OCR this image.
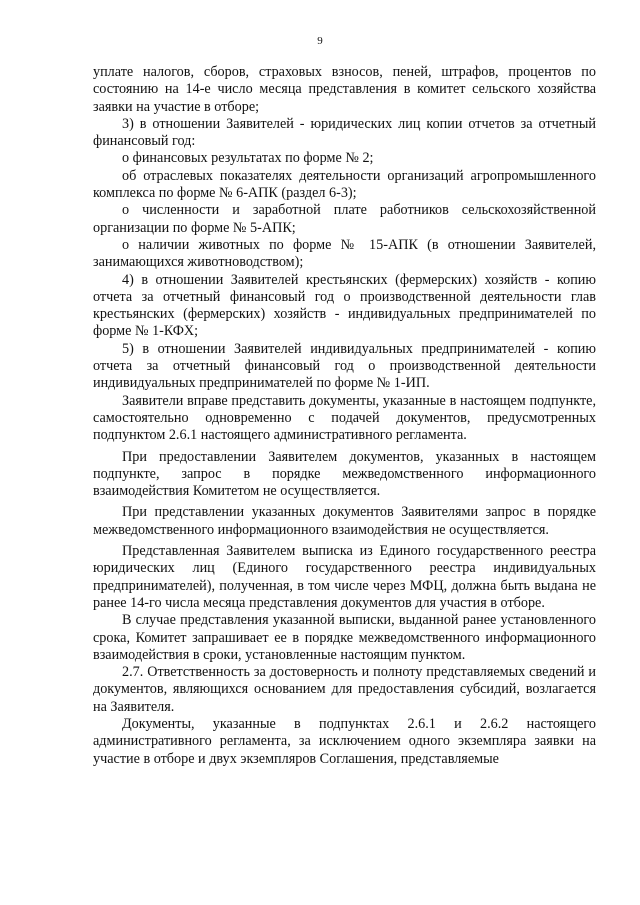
9

уплате налогов, сборов, страховых взносов, пеней, штрафов, процентов по состоянию на 14-е число месяца представления в комитет сельского хозяйства заявки на участие в отборе;

3) в отношении Заявителей - юридических лиц копии отчетов за отчетный финансовый год:

о финансовых результатах по форме № 2;

об отраслевых показателях деятельности организаций агропромышленного комплекса по форме № 6-АПК (раздел 6-3);

о численности и заработной плате работников сельскохозяйственной организации по форме № 5-АПК;

о наличии животных по форме № 15-АПК (в отношении Заявителей, занимающихся животноводством);

4) в отношении Заявителей крестьянских (фермерских) хозяйств - копию отчета за отчетный финансовый год о производственной деятельности глав крестьянских (фермерских) хозяйств - индивидуальных предпринимателей по форме № 1-КФХ;

5) в отношении Заявителей индивидуальных предпринимателей - копию отчета за отчетный финансовый год о производственной деятельности индивидуальных предпринимателей по форме № 1-ИП.

Заявители вправе представить документы, указанные в настоящем подпункте, самостоятельно одновременно с подачей документов, предусмотренных подпунктом 2.6.1 настоящего административного регламента.

При предоставлении Заявителем документов, указанных в настоящем подпункте, запрос в порядке межведомственного информационного взаимодействия Комитетом не осуществляется.

При представлении указанных документов Заявителями запрос в порядке межведомственного информационного взаимодействия не осуществляется.

Представленная Заявителем выписка из Единого государственного реестра юридических лиц (Единого государственного реестра индивидуальных предпринимателей), полученная, в том числе через МФЦ, должна быть выдана не ранее 14-го числа месяца представления документов для участия в отборе.

В случае представления указанной выписки, выданной ранее установленного срока, Комитет запрашивает ее в порядке межведомственного информационного взаимодействия в сроки, установленные настоящим пунктом.

2.7. Ответственность за достоверность и полноту представляемых сведений и документов, являющихся основанием для предоставления субсидий, возлагается на Заявителя.

Документы, указанные в подпунктах 2.6.1 и 2.6.2 настоящего административного регламента, за исключением одного экземпляра заявки на участие в отборе и двух экземпляров Соглашения, представляемые
